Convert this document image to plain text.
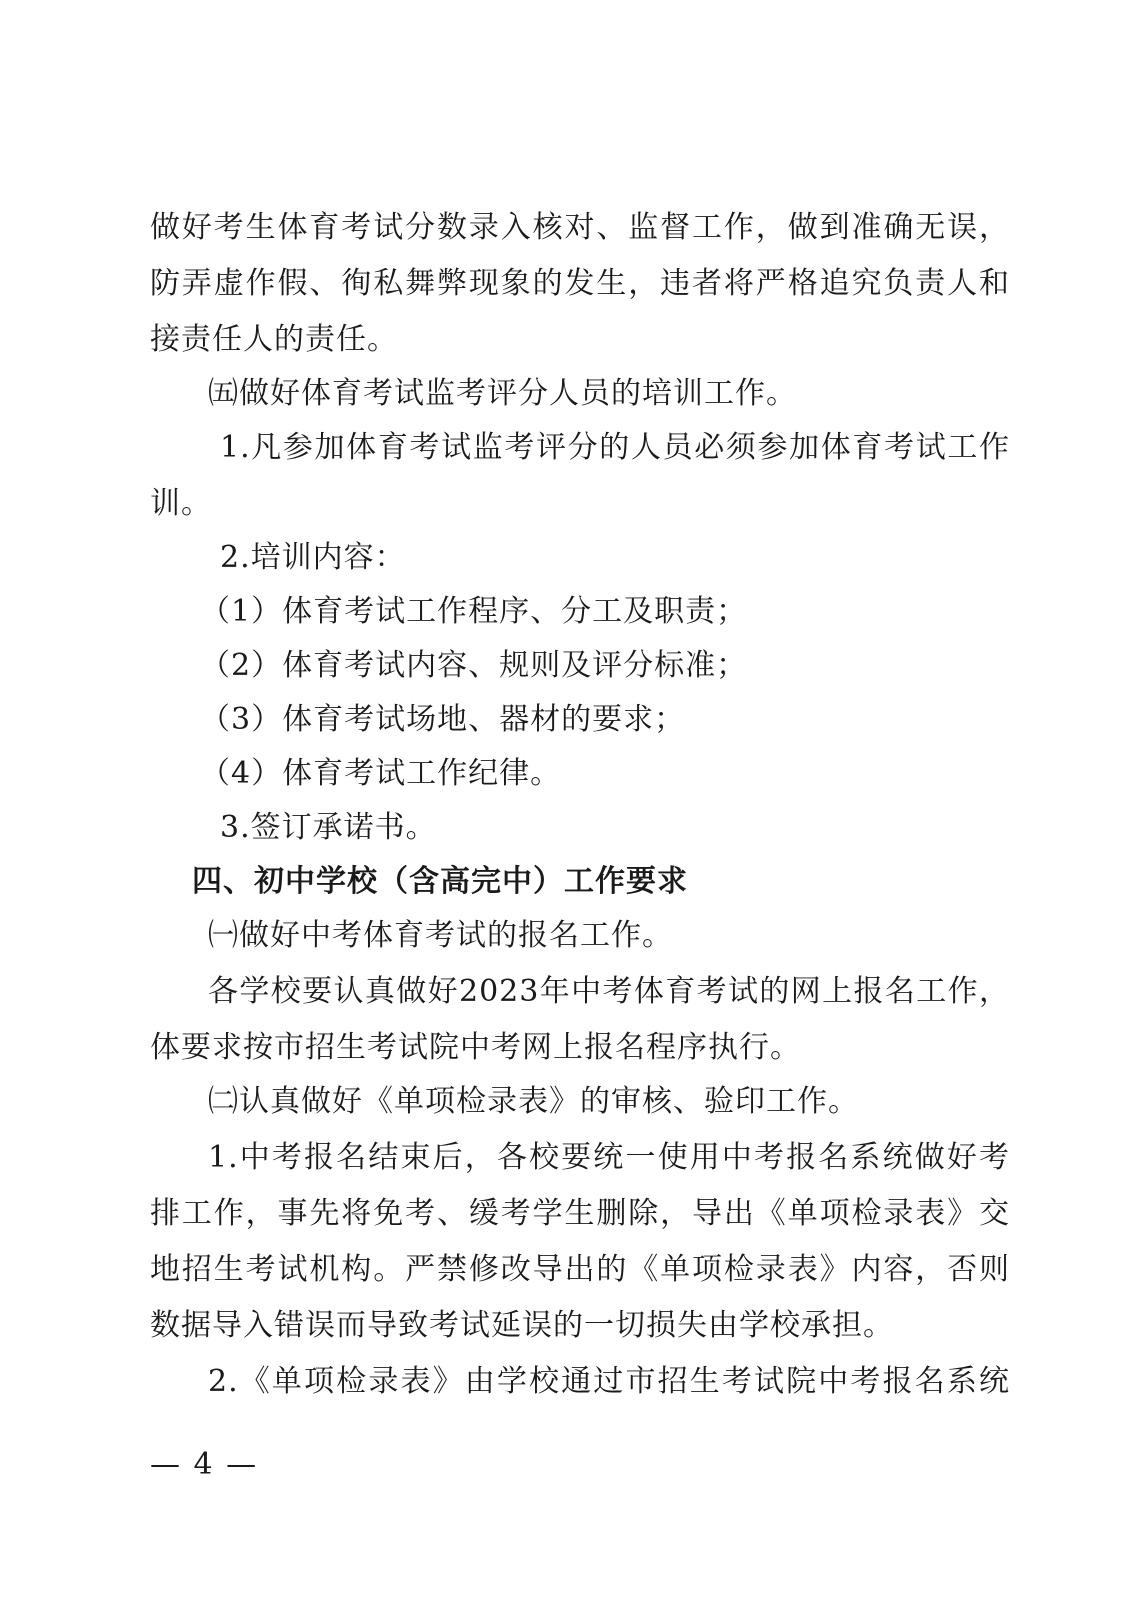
做好考生体育考试分数录入核对、监督工作，做到准确无误，
防弄虚作假、徇私舞弊现象的发生，违者将严格追究负责人和
接责任人的责任。
㈤做好体育考试监考评分人员的培训工作。
1.凡参加体育考试监考评分的人员必须参加体育考试工作
训。
2.培训内容：
（1）体育考试工作程序、分工及职责；
（2）体育考试内容、规则及评分标准；
（3）体育考试场地、器材的要求；
（4）体育考试工作纪律。
3.签订承诺书。
四、初中学校（含高完中）工作要求
㈠做好中考体育考试的报名工作。
各学校要认真做好2023年中考体育考试的网上报名工作，
体要求按市招生考试院中考网上报名程序执行。
㈡认真做好《单项检录表》的审核、验印工作。
1.中考报名结束后，各校要统一使用中考报名系统做好考
排工作，事先将免考、缓考学生删除，导出《单项检录表》交
地招生考试机构。严禁修改导出的《单项检录表》内容，否则
数据导入错误而导致考试延误的一切损失由学校承担。
2.《单项检录表》由学校通过市招生考试院中考报名系统
— 4 —
